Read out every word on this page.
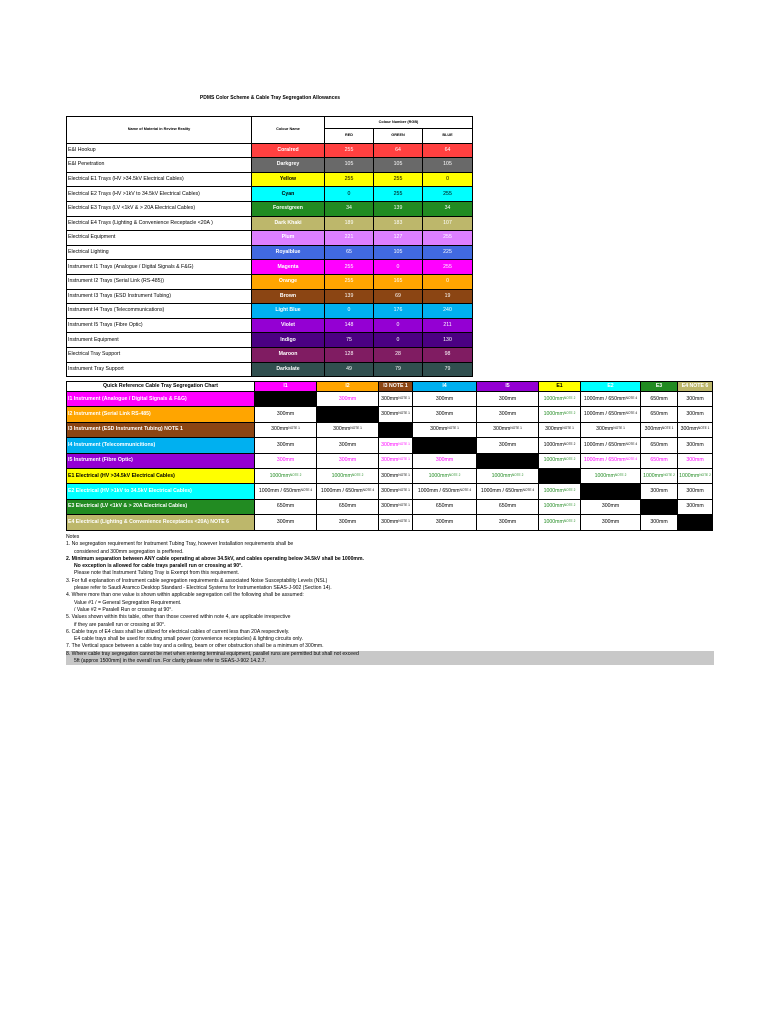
PDMS Color Scheme & Cable Tray Segregation Allowances
Name of Material in Review Reality	Colour Name	Colour Number (RGB)		
		RED	GREEN	BLUE
E&I Hookup	Coralred	255	64	64
E&I Penetration	Darkgrey	105	105	105
Electrical E1 Trays (HV >34.5kV Electrical Cables)	Yellow	255	255	0
Electrical E2 Trays (HV >1kV to 34.5kV Electrical Cables)	Cyan	0	255	255
Electrical E3 Trays (LV <1kV & > 20A Electrical Cables)	Forestgreen	34	139	34
Electrical E4 Trays (Lighting & Convenience Receptacle <20A )	Dark Khaki	189	183	107
Electrical Equipment	Plum	221	127	255
Electrical Lighting	Royalblue	65	105	225
Instrument I1 Trays (Analogue / Digital Signals & F&G)	Magenta	255	0	255
Instrument I2 Trays (Serial Link (RS-485))	Orange	255	165	0
Instrument I3 Trays (ESD Instrument Tubing)	Brown	139	69	19
Instrument I4 Trays (Telecommunications)	Light Blue	0	176	240
Instrument I5 Trays (Fibre Optic)	Violet	148	0	211
Instrument Equipment	Indigo	75	0	130
Electrical Tray Support	Maroon	128	28	98
Instrument Tray Support	Darkslate	49	79	79
Quick Reference Cable Tray Segregation Chart	I1	I2	I3 NOTE 1	I4	I5	E1	E2	E3	E4 NOTE 6
I1 Instrument (Analogue / Digital Signals & F&G)		300mm	$300mm^{NOTE 1}$	300mm	300mm	$1000mm^{NOTE 2}$	$1000mm / 650mm^{NOTE 4}$	650mm	300mm
I2 Instrument (Serial Link RS-485)	300mm		$300mm^{NOTE 1}$	300mm	300mm	$1000mm^{NOTE 2}$	$1000mm / 650mm^{NOTE 4}$	650mm	300mm
I3 Instrument (ESD Instrument Tubing) NOTE 1	$300mm^{NOTE 1}$	$300mm^{NOTE 1}$		$300mm^{NOTE 1}$	$300mm^{NOTE 1}$	$300mm^{NOTE 1}$	$300mm^{NOTE 1}$	$300mm^{NOTE 1}$	$300mm^{NOTE 1}$
I4 Instrument (Telecommunicitions)	300mm	300mm	$300mm^{NOTE 1}$		300mm	$1000mm^{NOTE 2}$	$1000mm / 650mm^{NOTE 4}$	650mm	300mm
I5 Instrument (Fibre Optic)	300mm	300mm	$300mm^{NOTE 1}$	300mm		$1000mm^{NOTE 2}$	$1000mm / 650mm^{NOTE 4}$	650mm	300mm
E1 Electrical (HV >34.5kV Electrical Cables)	$1000mm^{NOTE 2}$	$1000mm^{NOTE 2}$	$300mm^{NOTE 1}$	$1000mm^{NOTE 2}$	$1000mm^{NOTE 2}$		$1000mm^{NOTE 2}$	$1000mm^{NOTE 2}$	$1000mm^{NOTE 2}$
E2 Electrical (HV >1kV to 34.5kV Electrical Cables)	$1000mm / 650mm^{NOTE 4}$	$1000mm / 650mm^{NOTE 4}$	$300mm^{NOTE 1}$	$1000mm / 650mm^{NOTE 4}$	$1000mm / 650mm^{NOTE 4}$	$1000mm^{NOTE 2}$		300mm	300mm
E3 Electrical (LV <1kV & > 20A Electrical Cables)	650mm	650mm	$300mm^{NOTE 1}$	650mm	650mm	$1000mm^{NOTE 2}$	300mm		300mm
E4 Electrical (Lighting & Convenience Receptacles <20A) NOTE 6	300mm	300mm	$300mm^{NOTE 1}$	300mm	300mm	$1000mm^{NOTE 2}$	300mm	300mm	
Notes
1. No segregation requirement for Instrument Tubing Tray, however Installation requirements shall be
considered and 300mm segregation is preffered.
2. Minimum separation between ANY cable operating at above 34.5kV, and cables operating below 34.5kV shall be 1000mm.
No exception is allowed for cable trays paralell run or crossing at 90°.
Please note that Instrument Tubing Tray is Exempt from this requirement.
3. For full explanation of Instrument cable segregation requirements & associated Noise Susceptability Levels (NSL)
please refer to Saudi Aramco Desktop Standard - Electrical Systems for Instrumentation SEAS-J-902 (Section 14).
4. Where more than one value is shown within applicable segregation cell the following shall be assumed:
Value #1 / = General Segregation Requirement.
/ Value #2 = Paralell Run or crossing at 90°.
5. Values shown within this table, other than those covered within note 4, are applicable irrespective
if they are paralell run or crossing at 90°.
6. Cable trays of E4 class shall be utilized for electrical cables of current less than 20A respectively.
E4 cable trays shall be used for routing small power (convenience receptacles) & lighting circuits only.
7. The Vertical space between a cable tray and a ceiling, beam or other obstruction shall be a minimum of 300mm.
8. Where cable tray segregation cannot be met when entering terminal equipment, parallel runs are permitted but shall not exceed
5ft (approx 1500mm) in the overall run. For clarity please refer to SEAS-J-902 14.2.7.
